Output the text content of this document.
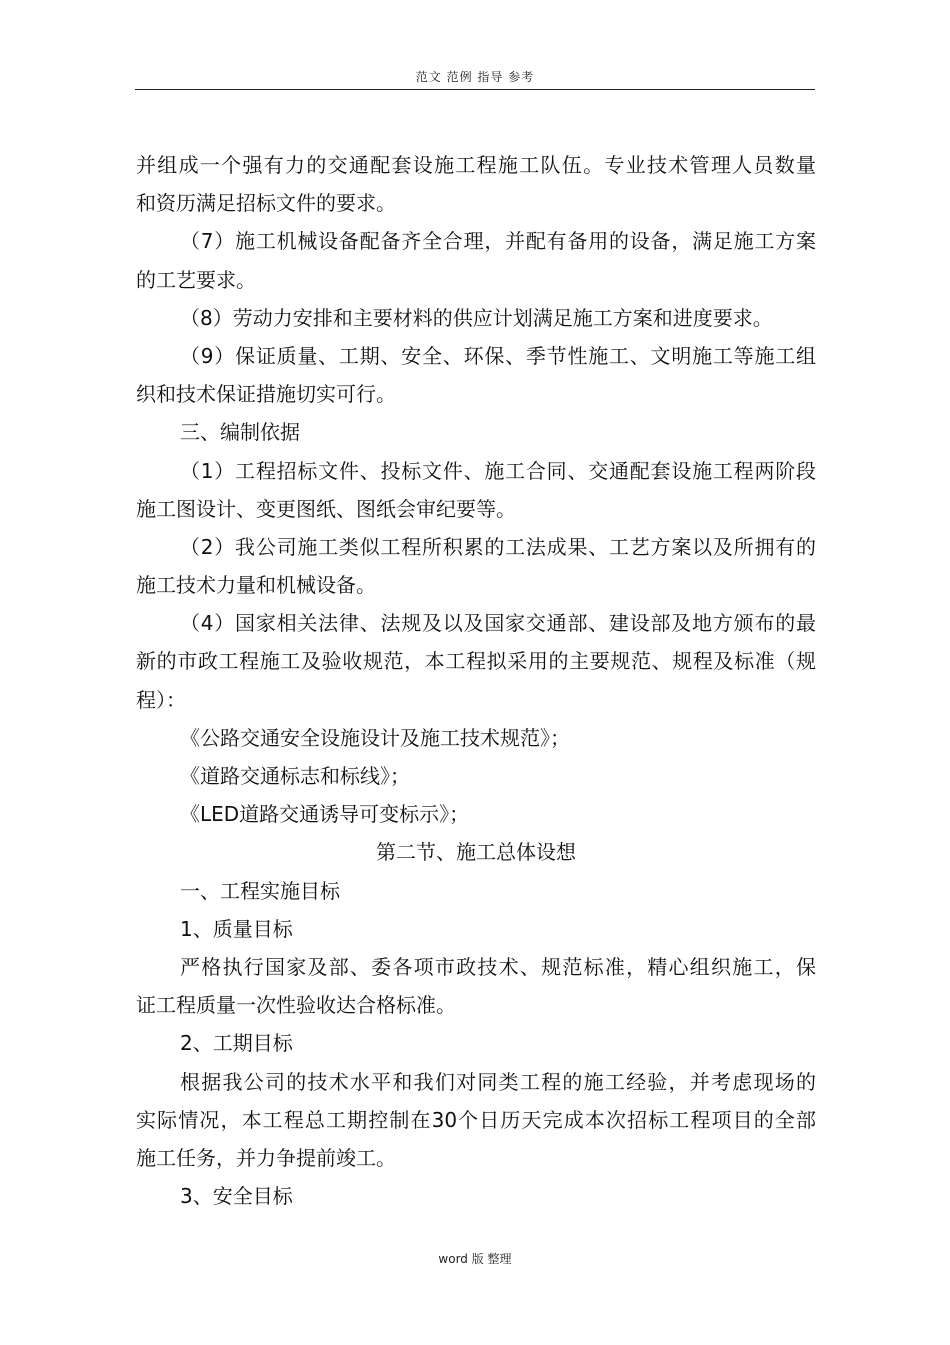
范文 范例 指导 参考
并组成一个强有力的交通配套设施工程施工队伍。专业技术管理人员数量
和资历满足招标文件的要求。
（7）施工机械设备配备齐全合理，并配有备用的设备，满足施工方案
的工艺要求。
（8）劳动力安排和主要材料的供应计划满足施工方案和进度要求。
（9）保证质量、工期、安全、环保、季节性施工、文明施工等施工组
织和技术保证措施切实可行。
三、编制依据
（1）工程招标文件、投标文件、施工合同、交通配套设施工程两阶段
施工图设计、变更图纸、图纸会审纪要等。
（2）我公司施工类似工程所积累的工法成果、工艺方案以及所拥有的
施工技术力量和机械设备。
（4）国家相关法律、法规及以及国家交通部、建设部及地方颁布的最
新的市政工程施工及验收规范，本工程拟采用的主要规范、规程及标准（规
程）：
《公路交通安全设施设计及施工技术规范》；
《道路交通标志和标线》；
《LED道路交通诱导可变标示》；
第二节、施工总体设想
一、工程实施目标
1、质量目标
严格执行国家及部、委各项市政技术、规范标准，精心组织施工，保
证工程质量一次性验收达合格标准。
2、工期目标
根据我公司的技术水平和我们对同类工程的施工经验，并考虑现场的
实际情况，本工程总工期控制在30个日历天完成本次招标工程项目的全部
施工任务，并力争提前竣工。
3、安全目标
word 版 整理
